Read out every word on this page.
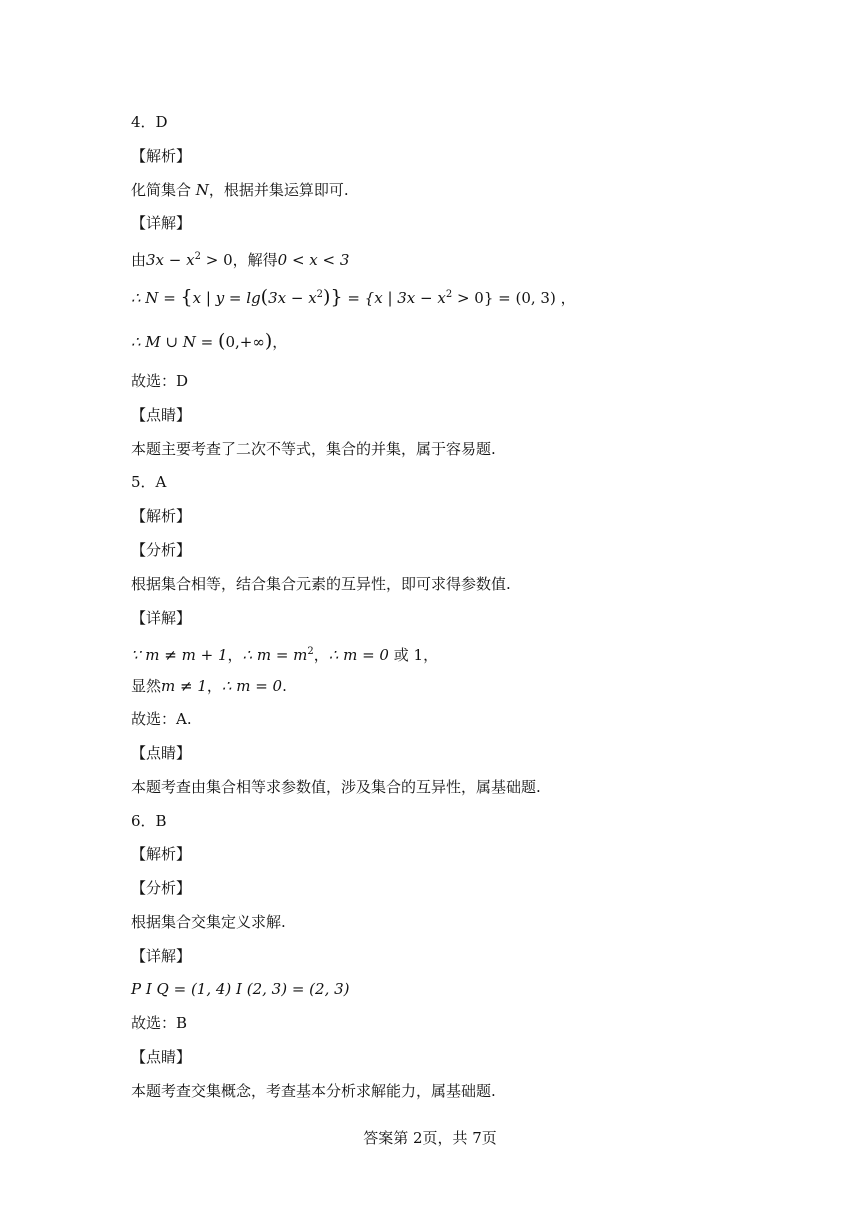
4．D
【解析】
化简集合 N，根据并集运算即可.
【详解】
由$3x - x^2 > 0$，解得0 < x < 3
∴ N = {x | $y = \lg(3x - x^2)\} = \{x$ | $3x - x^2 > 0\} = (0$, 3) ，
∴ M ∪ N = (0,+∞)，
故选：D
【点睛】
本题主要考查了二次不等式，集合的并集，属于容易题.
5．A
【解析】
【分析】
根据集合相等，结合集合元素的互异性，即可求得参数值.
【详解】
∵ m ≠ m + 1，∴ $m = m^2$，∴ m = 0 或 1，
显然m ≠ 1，∴ m = 0.
故选：A.
【点睛】
本题考查由集合相等求参数值，涉及集合的互异性，属基础题.
6．B
【解析】
【分析】
根据集合交集定义求解.
【详解】
P I Q = (1, 4) I (2, 3) = (2, 3)
故选：B
【点睛】
本题考查交集概念，考查基本分析求解能力，属基础题.
答案第 2页，共 7页
